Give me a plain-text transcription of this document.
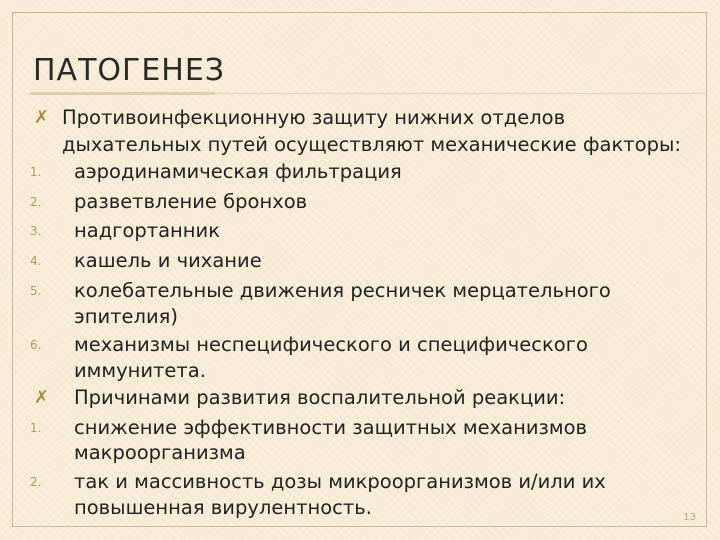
ПАТОГЕНЕЗ
✗ Противоинфекционную защиту нижних отделов
дыхательных путей осуществляют механические факторы:
1. аэродинамическая фильтрация
2. разветвление бронхов
3. надгортанник
4. кашель и чихание
5. колебательные движения ресничек мерцательного
эпителия)
6. механизмы неспецифического и специфического
иммунитета.
✗ Причинами развития воспалительной реакции:
1. снижение эффективности защитных механизмов
макроорганизма
2. так и массивность дозы микроорганизмов и/или их
повышенная вирулентность.	13
